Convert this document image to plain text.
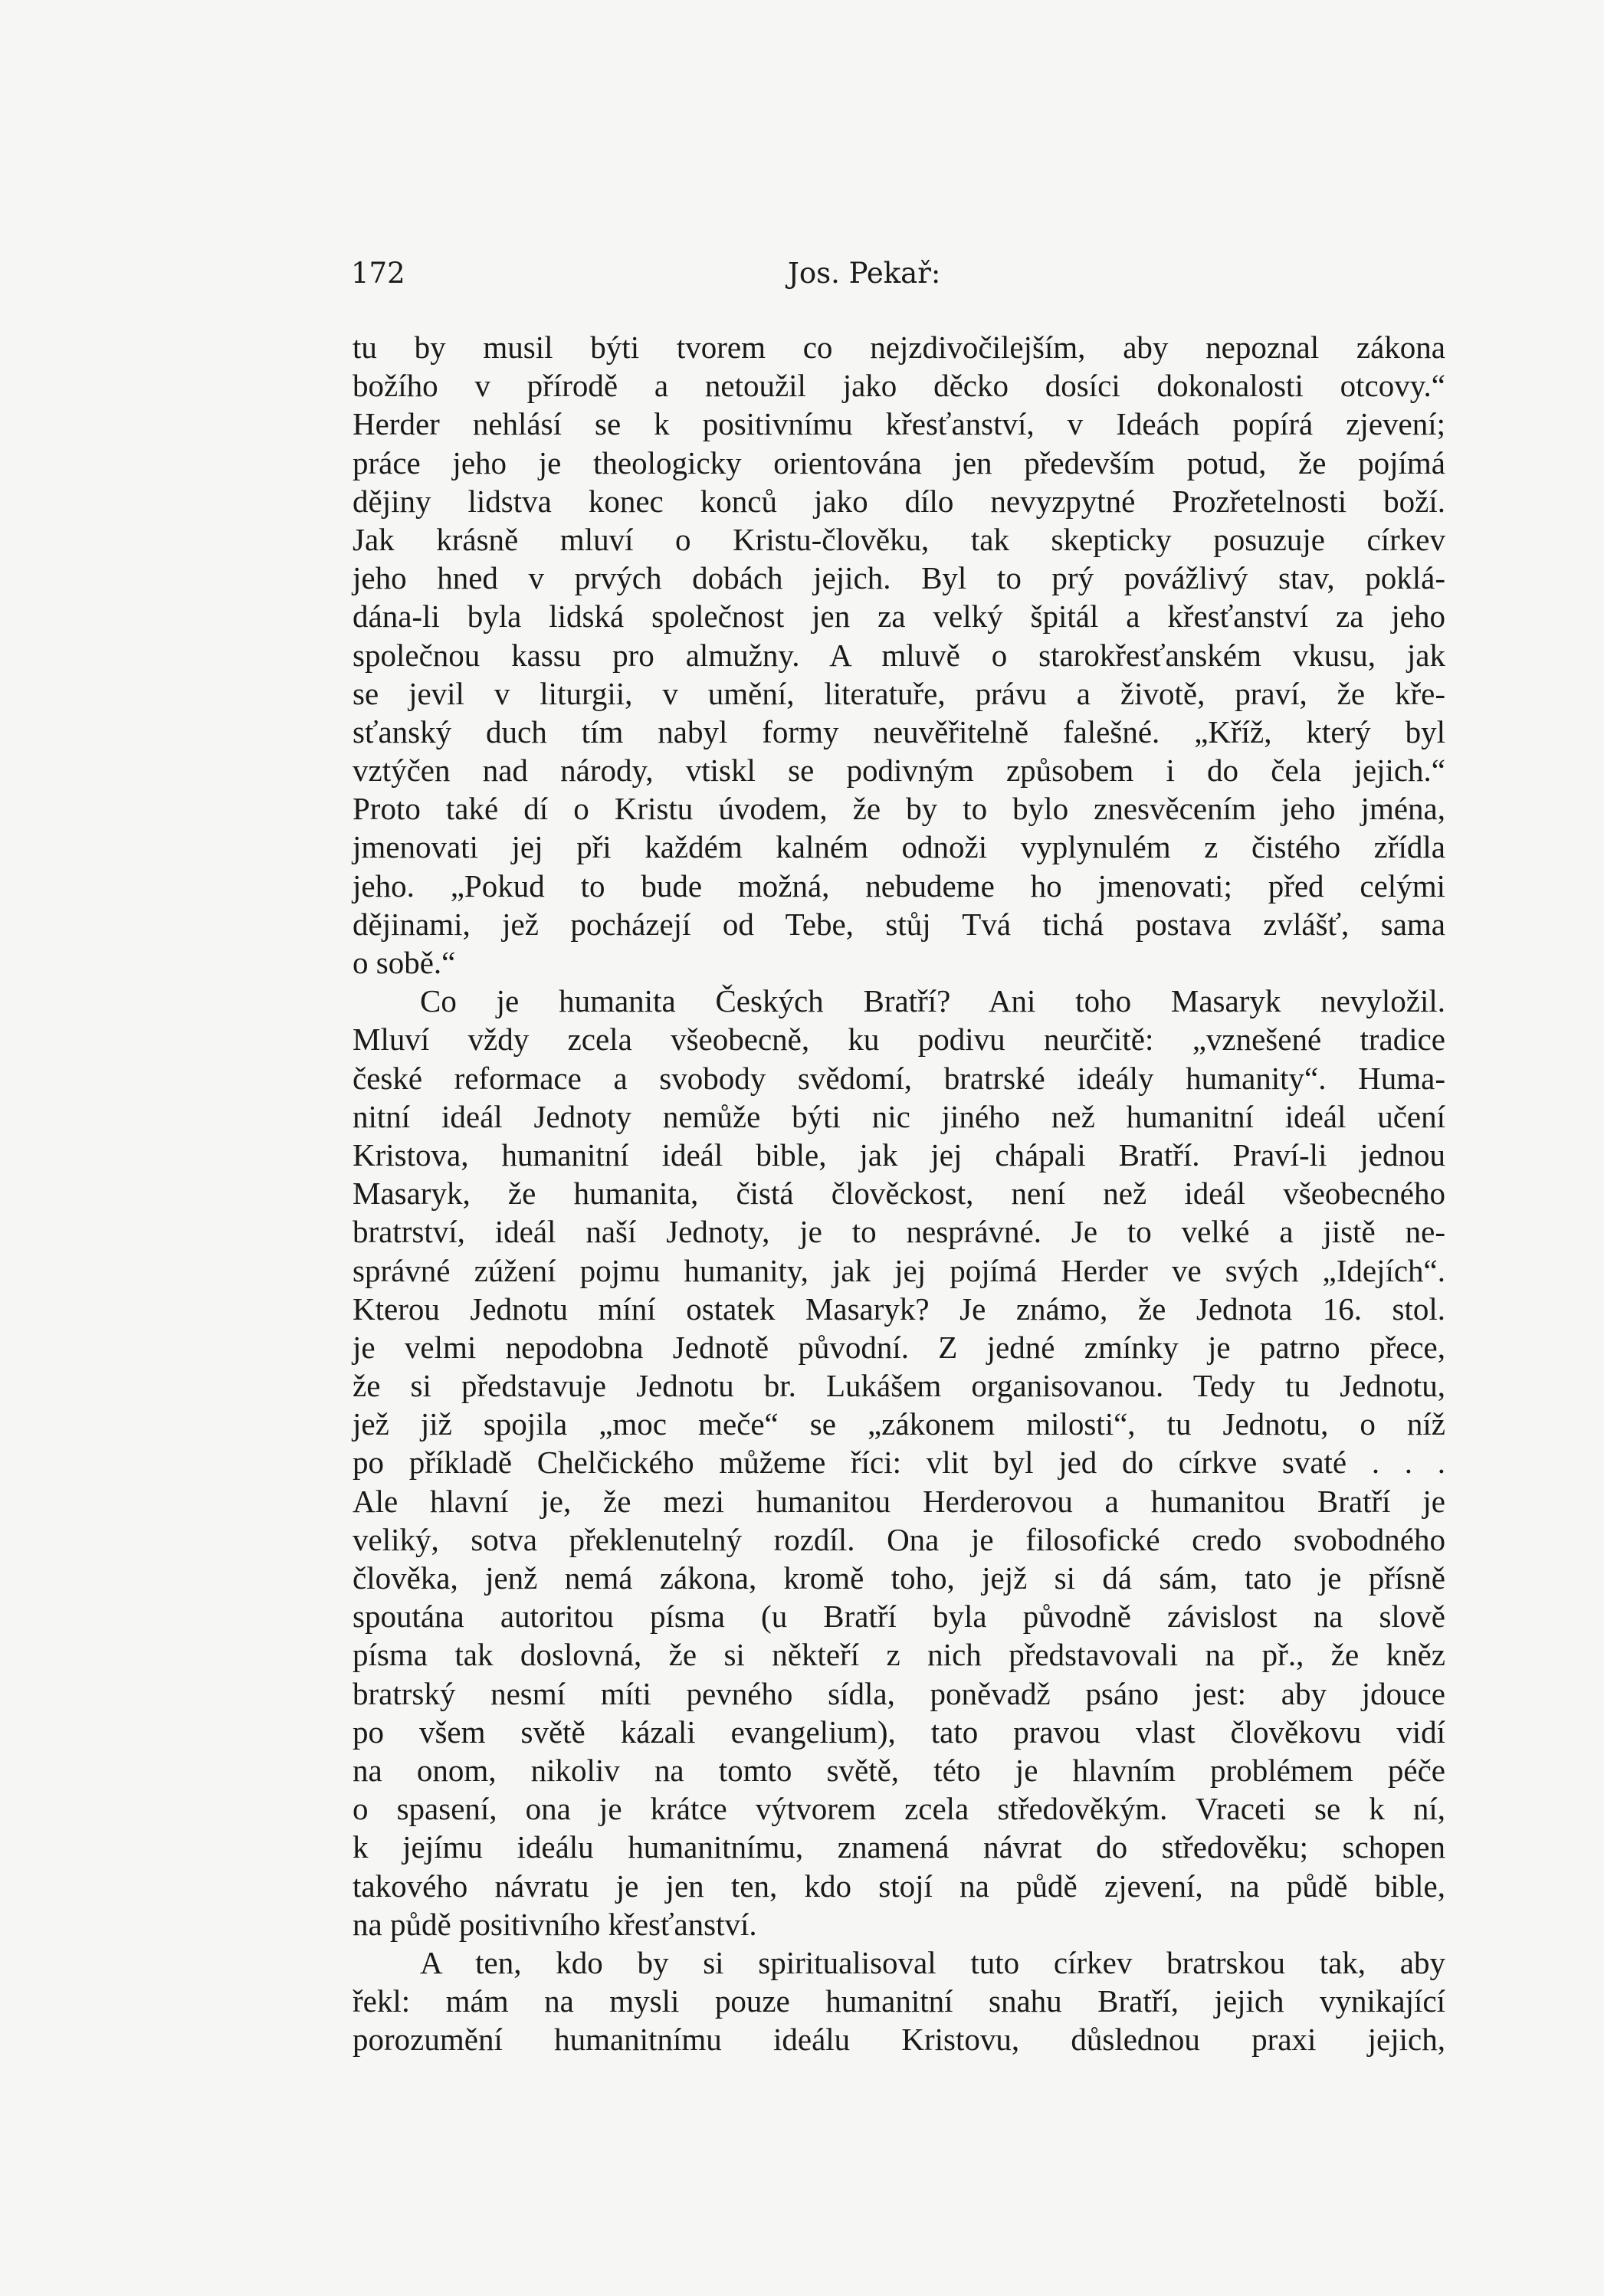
172	Jos. Pekař:
tu by musil býti tvorem co nejzdivočilejším, aby nepoznal zákona
božího v přírodě a netoužil jako děcko dosíci dokonalosti otcovy.“
Herder nehlásí se k positivnímu křesťanství, v Ideách popírá zjevení;
práce jeho je theologicky orientována jen především potud, že pojímá
dějiny lidstva konec konců jako dílo nevyzpytné Prozřetelnosti boží.
Jak krásně mluví o Kristu-člověku, tak skepticky posuzuje církev
jeho hned v prvých dobách jejich. Byl to prý povážlivý stav, poklá-
dána-li byla lidská společnost jen za velký špitál a křesťanství za jeho
společnou kassu pro almužny. A mluvě o starokřesťanském vkusu, jak
se jevil v liturgii, v umění, literatuře, právu a životě, praví, že kře-
sťanský duch tím nabyl formy neuvěřitelně falešné. „Kříž, který byl
vztýčen nad národy, vtiskl se podivným způsobem i do čela jejich.“
Proto také dí o Kristu úvodem, že by to bylo znesvěcením jeho jména,
jmenovati jej při každém kalném odnoži vyplynulém z čistého zřídla
jeho. „Pokud to bude možná, nebudeme ho jmenovati; před celými
dějinami, jež pocházejí od Tebe, stůj Tvá tichá postava zvlášť, sama
o sobě.“
Co je humanita Českých Bratří? Ani toho Masaryk nevyložil.
Mluví vždy zcela všeobecně, ku podivu neurčitě: „vznešené tradice
české reformace a svobody svědomí, bratrské ideály humanity“. Huma-
nitní ideál Jednoty nemůže býti nic jiného než humanitní ideál učení
Kristova, humanitní ideál bible, jak jej chápali Bratří. Praví-li jednou
Masaryk, že humanita, čistá člověckost, není než ideál všeobecného
bratrství, ideál naší Jednoty, je to nesprávné. Je to velké a jistě ne-
správné zúžení pojmu humanity, jak jej pojímá Herder ve svých „Idejích“.
Kterou Jednotu míní ostatek Masaryk? Je známo, že Jednota 16. stol.
je velmi nepodobna Jednotě původní. Z jedné zmínky je patrno přece,
že si představuje Jednotu br. Lukášem organisovanou. Tedy tu Jednotu,
jež již spojila „moc meče“ se „zákonem milosti“, tu Jednotu, o níž
po příkladě Chelčického můžeme říci: vlit byl jed do církve svaté . . .
Ale hlavní je, že mezi humanitou Herderovou a humanitou Bratří je
veliký, sotva překlenutelný rozdíl. Ona je filosofické credo svobodného
člověka, jenž nemá zákona, kromě toho, jejž si dá sám, tato je přísně
spoutána autoritou písma (u Bratří byla původně závislost na slově
písma tak doslovná, že si někteří z nich představovali na př., že kněz
bratrský nesmí míti pevného sídla, poněvadž psáno jest: aby jdouce
po všem světě kázali evangelium), tato pravou vlast člověkovu vidí
na onom, nikoliv na tomto světě, této je hlavním problémem péče
o spasení, ona je krátce výtvorem zcela středověkým. Vraceti se k ní,
k jejímu ideálu humanitnímu, znamená návrat do středověku; schopen
takového návratu je jen ten, kdo stojí na půdě zjevení, na půdě bible,
na půdě positivního křesťanství.
A ten, kdo by si spiritualisoval tuto církev bratrskou tak, aby
řekl: mám na mysli pouze humanitní snahu Bratří, jejich vynikající
porozumění humanitnímu ideálu Kristovu, důslednou praxi jejich,
